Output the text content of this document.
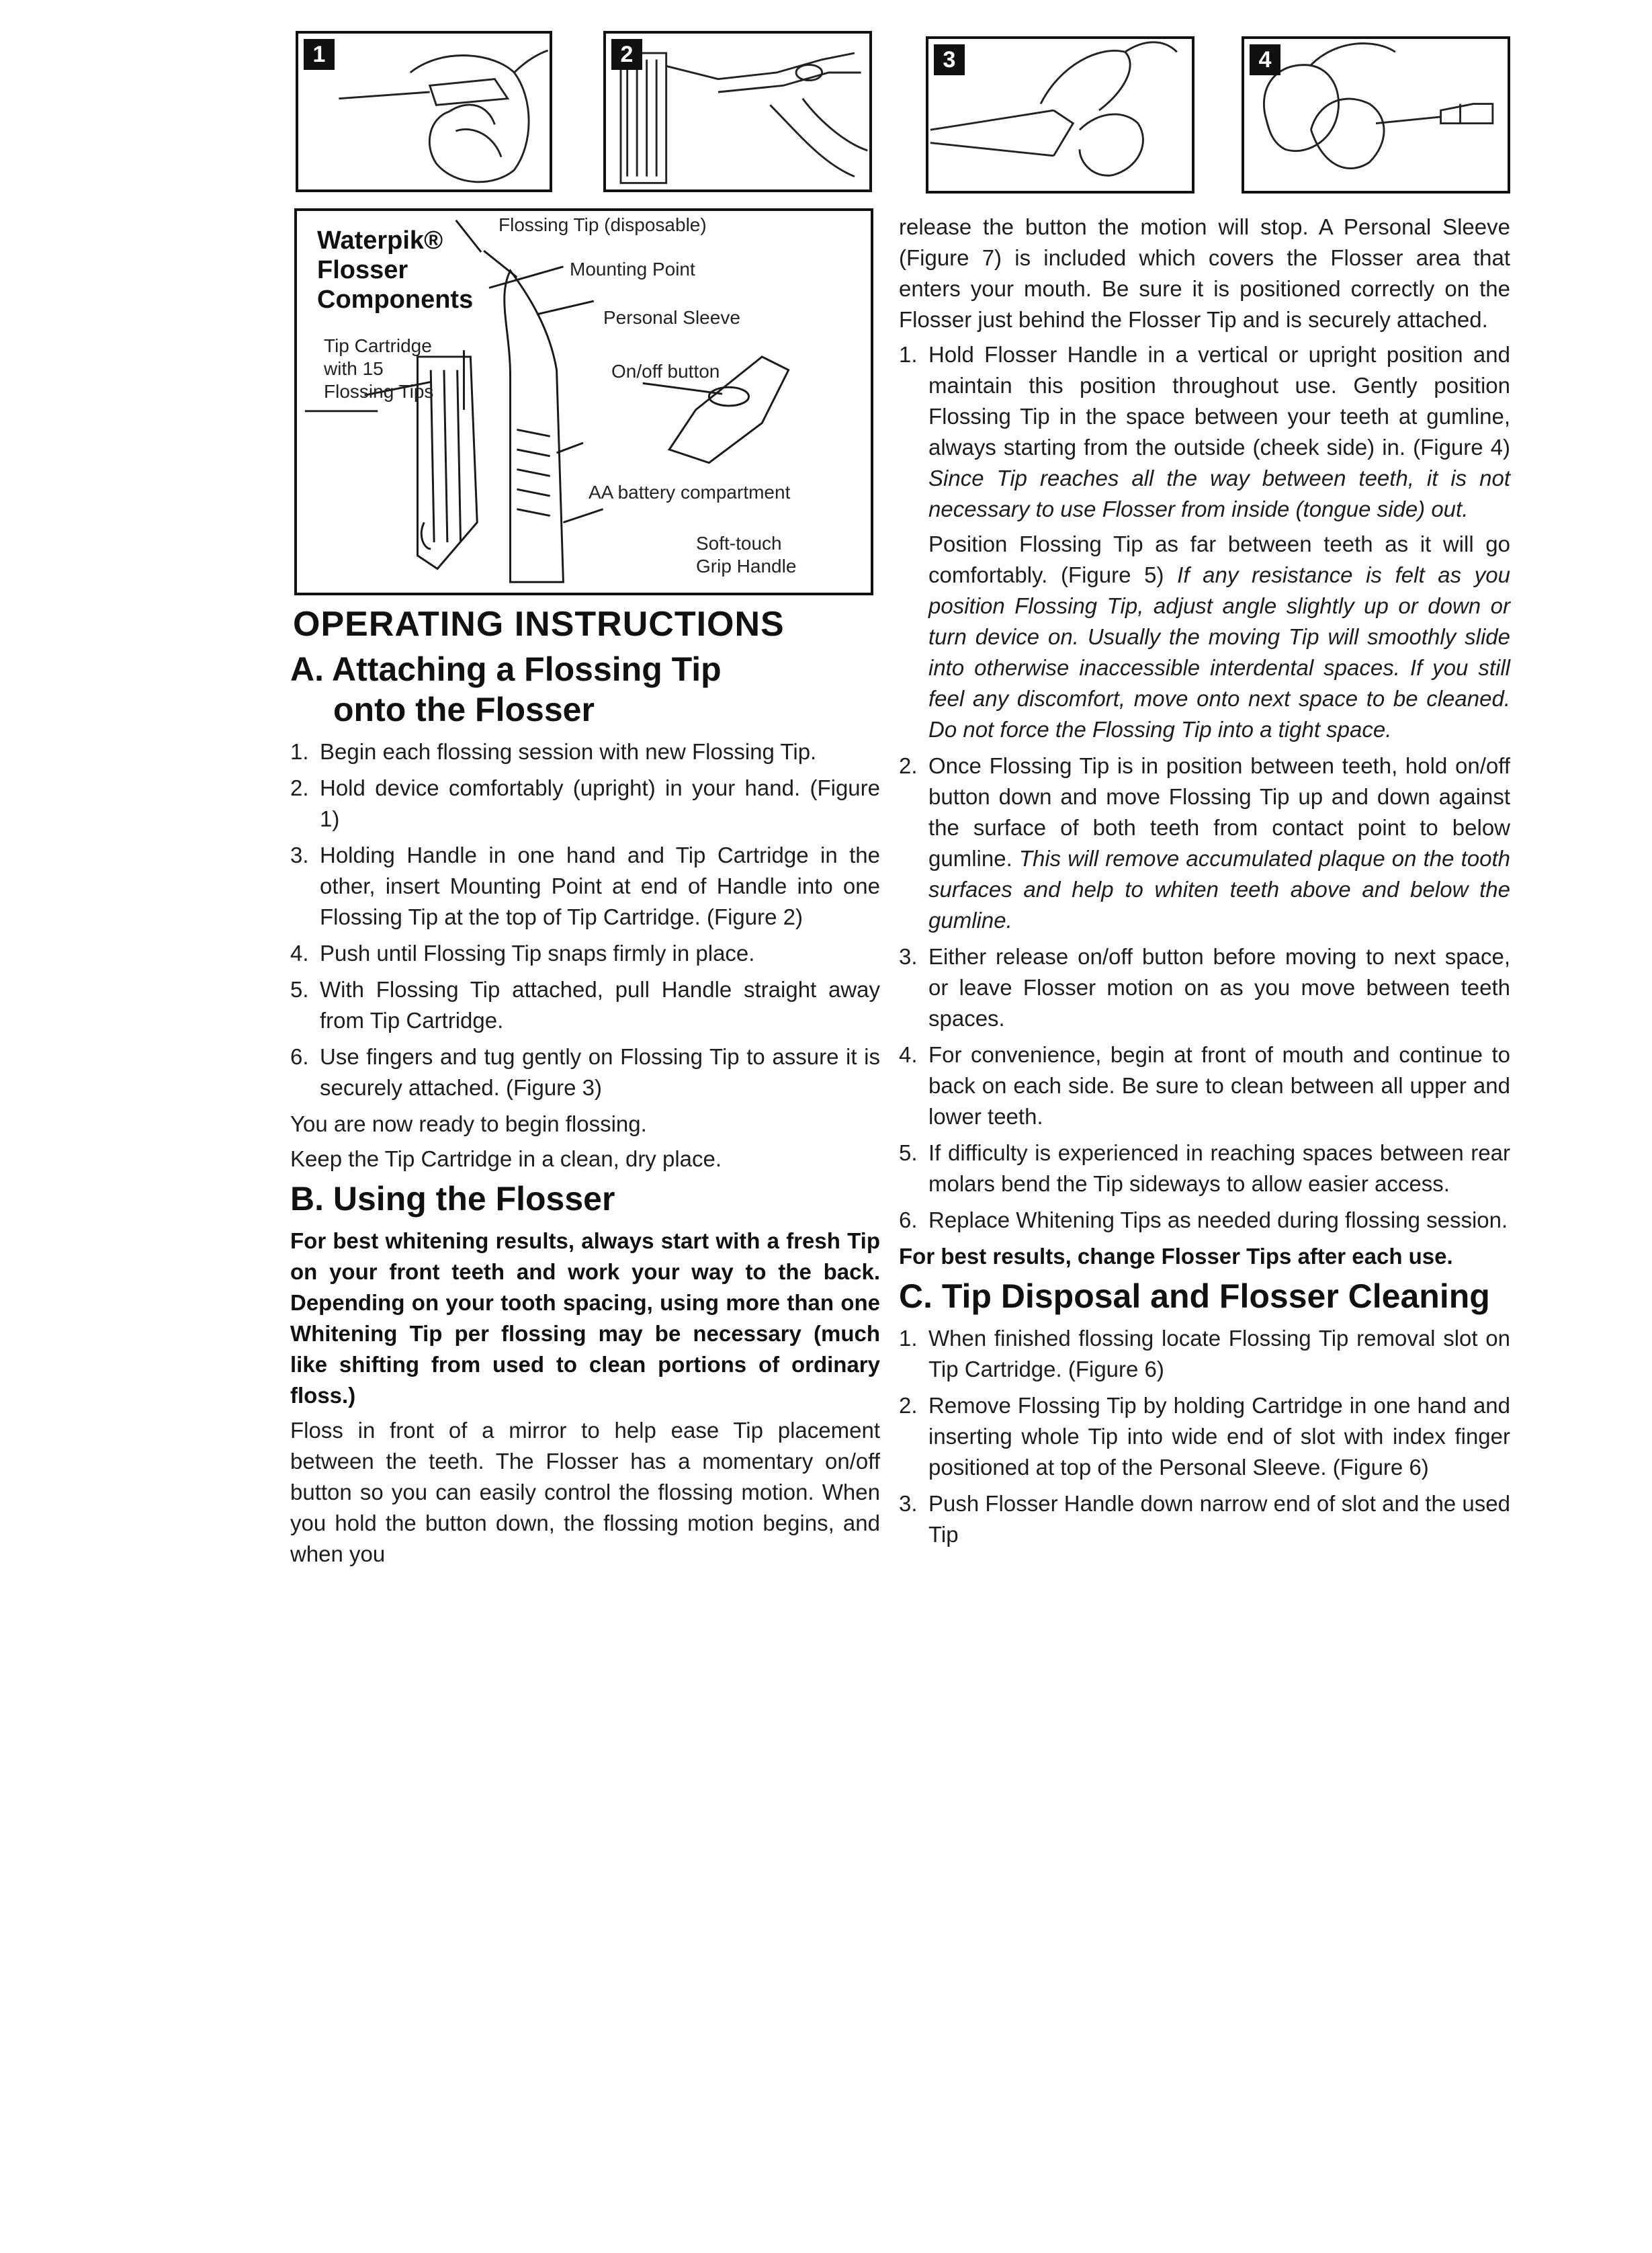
1	2	3	4
Waterpik®
Flosser
Components
Flossing Tip (disposable)
Mounting Point
Personal Sleeve
Tip Cartridge with 15 Flossing Tips
On/off button
AA battery compartment
Soft-touch Grip Handle
OPERATING INSTRUCTIONS
A. Attaching a Flossing Tip
onto the Flosser
1. Begin each flossing session with new Flossing Tip.
2. Hold device comfortably (upright) in your hand. (Figure 1)
3. Holding Handle in one hand and Tip Cartridge in the other, insert Mounting Point at end of Handle into one Flossing Tip at the top of Tip Cartridge. (Figure 2)
4. Push until Flossing Tip snaps firmly in place.
5. With Flossing Tip attached, pull Handle straight away from Tip Cartridge.
6. Use fingers and tug gently on Flossing Tip to assure it is securely attached. (Figure 3)
You are now ready to begin flossing.
Keep the Tip Cartridge in a clean, dry place.
B. Using the Flosser
For best whitening results, always start with a fresh Tip on your front teeth and work your way to the back. Depending on your tooth spacing, using more than one Whitening Tip per flossing may be necessary (much like shifting from used to clean portions of ordinary floss.)
Floss in front of a mirror to help ease Tip placement between the teeth. The Flosser has a momentary on/off button so you can easily control the flossing motion. When you hold the button down, the flossing motion begins, and when you
release the button the motion will stop. A Personal Sleeve (Figure 7) is included which covers the Flosser area that enters your mouth. Be sure it is positioned correctly on the Flosser just behind the Flosser Tip and is securely attached.
1. Hold Flosser Handle in a vertical or upright position and maintain this position throughout use. Gently position Flossing Tip in the space between your teeth at gumline, always starting from the outside (cheek side) in. (Figure 4) Since Tip reaches all the way between teeth, it is not necessary to use Flosser from inside (tongue side) out.
Position Flossing Tip as far between teeth as it will go comfortably. (Figure 5) If any resistance is felt as you position Flossing Tip, adjust angle slightly up or down or turn device on. Usually the moving Tip will smoothly slide into otherwise inaccessible interdental spaces. If you still feel any discomfort, move onto next space to be cleaned. Do not force the Flossing Tip into a tight space.
2. Once Flossing Tip is in position between teeth, hold on/off button down and move Flossing Tip up and down against the surface of both teeth from contact point to below gumline. This will remove accumulated plaque on the tooth surfaces and help to whiten teeth above and below the gumline.
3. Either release on/off button before moving to next space, or leave Flosser motion on as you move between teeth spaces.
4. For convenience, begin at front of mouth and continue to back on each side. Be sure to clean between all upper and lower teeth.
5. If difficulty is experienced in reaching spaces between rear molars bend the Tip sideways to allow easier access.
6. Replace Whitening Tips as needed during flossing session.
For best results, change Flosser Tips after each use.
C. Tip Disposal and Flosser Cleaning
1. When finished flossing locate Flossing Tip removal slot on Tip Cartridge. (Figure 6)
2. Remove Flossing Tip by holding Cartridge in one hand and inserting whole Tip into wide end of slot with index finger positioned at top of the Personal Sleeve. (Figure 6)
3. Push Flosser Handle down narrow end of slot and the used Tip
